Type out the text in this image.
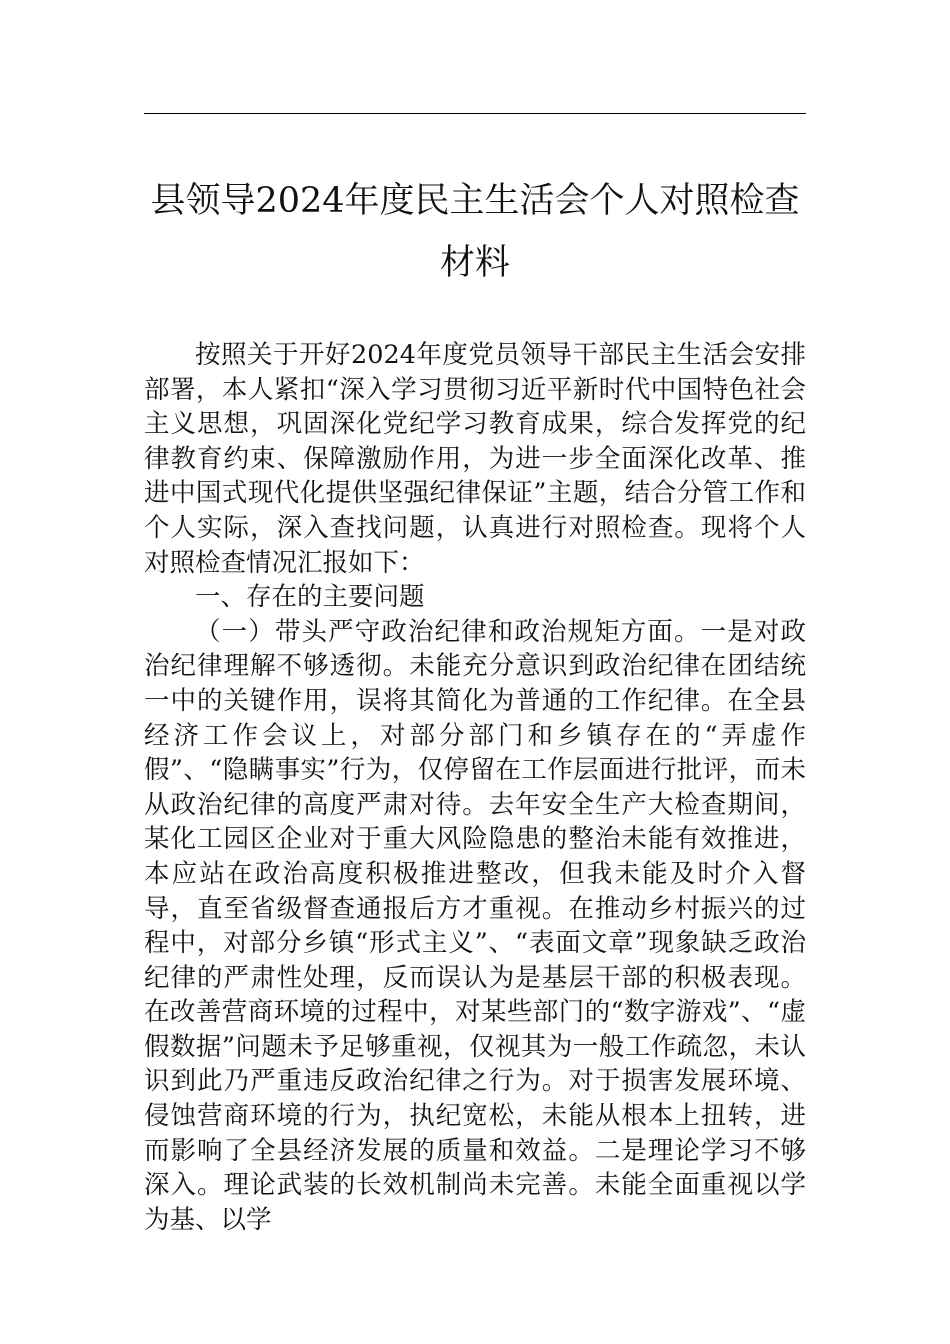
县领导2024年度民主生活会个人对照检查
材料

按照关于开好2024年度党员领导干部民主生活会安排部署，本人紧扣“深入学习贯彻习近平新时代中国特色社会主义思想，巩固深化党纪学习教育成果，综合发挥党的纪律教育约束、保障激励作用，为进一步全面深化改革、推进中国式现代化提供坚强纪律保证”主题，结合分管工作和个人实际，深入查找问题，认真进行对照检查。现将个人对照检查情况汇报如下：

一、存在的主要问题

（一）带头严守政治纪律和政治规矩方面。一是对政治纪律理解不够透彻。未能充分意识到政治纪律在团结统一中的关键作用，误将其简化为普通的工作纪律。在全县经济工作会议上，对部分部门和乡镇存在的“弄虚作假”、“隐瞒事实”行为，仅停留在工作层面进行批评，而未从政治纪律的高度严肃对待。去年安全生产大检查期间，某化工园区企业对于重大风险隐患的整治未能有效推进，本应站在政治高度积极推进整改，但我未能及时介入督导，直至省级督查通报后方才重视。在推动乡村振兴的过程中，对部分乡镇“形式主义”、“表面文章”现象缺乏政治纪律的严肃性处理，反而误认为是基层干部的积极表现。在改善营商环境的过程中，对某些部门的“数字游戏”、“虚假数据”问题未予足够重视，仅视其为一般工作疏忽，未认识到此乃严重违反政治纪律之行为。对于损害发展环境、侵蚀营商环境的行为，执纪宽松，未能从根本上扭转，进而影响了全县经济发展的质量和效益。二是理论学习不够深入。理论武装的长效机制尚未完善。未能全面重视以学为基、以学
